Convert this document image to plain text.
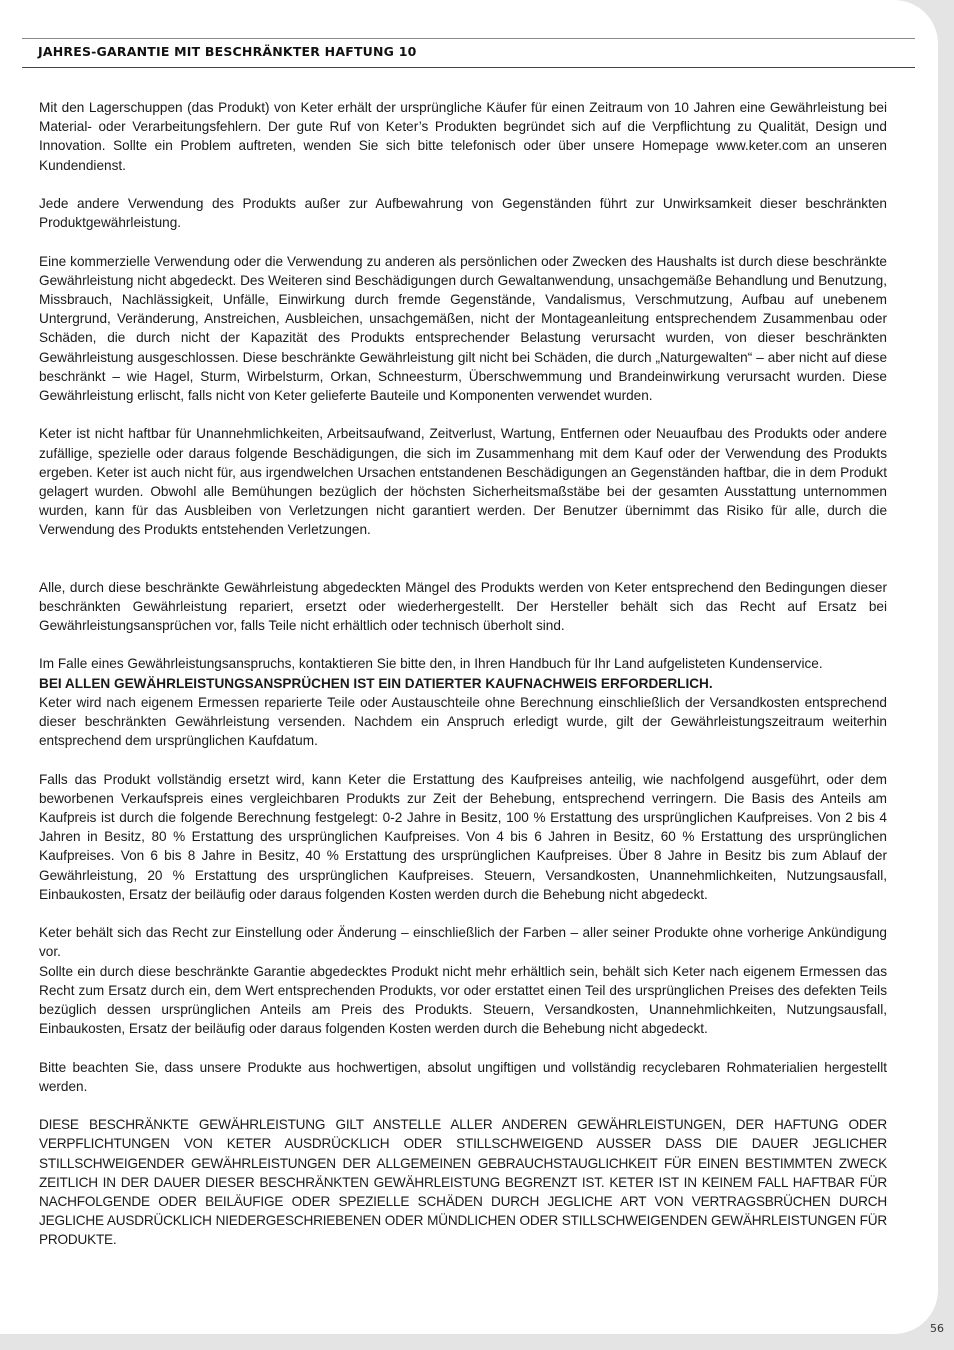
JAHRES-GARANTIE MIT BESCHRÄNKTER HAFTUNG 10

Mit den Lagerschuppen (das Produkt) von Keter erhält der ursprüngliche Käufer für einen Zeitraum von 10 Jahren eine Gewährleistung bei Material- oder Verarbeitungsfehlern. Der gute Ruf von Keter’s Produkten begründet sich auf die Verpflichtung zu Qualität, Design und Innovation. Sollte ein Problem auftreten, wenden Sie sich bitte telefonisch oder über unsere Homepage www.keter.com an unseren Kundendienst.

Jede andere Verwendung des Produkts außer zur Aufbewahrung von Gegenständen führt zur Unwirksamkeit dieser beschränkten Produktgewährleistung.

Eine kommerzielle Verwendung oder die Verwendung zu anderen als persönlichen oder Zwecken des Haushalts ist durch diese beschränkte Gewährleistung nicht abgedeckt. Des Weiteren sind Beschädigungen durch Gewaltanwendung, unsachgemäße Behandlung und Benutzung, Missbrauch, Nachlässigkeit, Unfälle, Einwirkung durch fremde Gegenstände, Vandalismus, Verschmutzung, Aufbau auf unebenem Untergrund, Veränderung, Anstreichen, Ausbleichen, unsachgemäßen, nicht der Montageanleitung entsprechendem Zusammenbau oder Schäden, die durch nicht der Kapazität des Produkts entsprechender Belastung verursacht wurden, von dieser beschränkten Gewährleistung ausgeschlossen. Diese beschränkte Gewährleistung gilt nicht bei Schäden, die durch „Naturgewalten“ – aber nicht auf diese beschränkt – wie Hagel, Sturm, Wirbelsturm, Orkan, Schneesturm, Überschwemmung und Brandeinwirkung verursacht wurden. Diese Gewährleistung erlischt, falls nicht von Keter gelieferte Bauteile und Komponenten verwendet wurden.

Keter ist nicht haftbar für Unannehmlichkeiten, Arbeitsaufwand, Zeitverlust, Wartung, Entfernen oder Neuaufbau des Produkts oder andere zufällige, spezielle oder daraus folgende Beschädigungen, die sich im Zusammenhang mit dem Kauf oder der Verwendung des Produkts ergeben. Keter ist auch nicht für, aus irgendwelchen Ursachen entstandenen Beschädigungen an Gegenständen haftbar, die in dem Produkt gelagert wurden. Obwohl alle Bemühungen bezüglich der höchsten Sicherheitsmaßstäbe bei der gesamten Ausstattung unternommen wurden, kann für das Ausbleiben von Verletzungen nicht garantiert werden. Der Benutzer übernimmt das Risiko für alle, durch die Verwendung des Produkts entstehenden Verletzungen.

Alle, durch diese beschränkte Gewährleistung abgedeckten Mängel des Produkts werden von Keter entsprechend den Bedingungen dieser beschränkten Gewährleistung repariert, ersetzt oder wiederhergestellt. Der Hersteller behält sich das Recht auf Ersatz bei Gewährleistungsansprüchen vor, falls Teile nicht erhältlich oder technisch überholt sind.

Im Falle eines Gewährleistungsanspruchs, kontaktieren Sie bitte den, in Ihren Handbuch für Ihr Land aufgelisteten Kundenservice.
BEI ALLEN GEWÄHRLEISTUNGSANSPRÜCHEN IST EIN DATIERTER KAUFNACHWEIS ERFORDERLICH.
Keter wird nach eigenem Ermessen reparierte Teile oder Austauschteile ohne Berechnung einschließlich der Versandkosten entsprechend dieser beschränkten Gewährleistung versenden. Nachdem ein Anspruch erledigt wurde, gilt der Gewährleistungszeitraum weiterhin entsprechend dem ursprünglichen Kaufdatum.

Falls das Produkt vollständig ersetzt wird, kann Keter die Erstattung des Kaufpreises anteilig, wie nachfolgend ausgeführt, oder dem beworbenen Verkaufspreis eines vergleichbaren Produkts zur Zeit der Behebung, entsprechend verringern. Die Basis des Anteils am Kaufpreis ist durch die folgende Berechnung festgelegt: 0-2 Jahre in Besitz, 100 % Erstattung des ursprünglichen Kaufpreises. Von 2 bis 4 Jahren in Besitz, 80 % Erstattung des ursprünglichen Kaufpreises. Von 4 bis 6 Jahren in Besitz, 60 % Erstattung des ursprünglichen Kaufpreises. Von 6 bis 8 Jahre in Besitz, 40 % Erstattung des ursprünglichen Kaufpreises. Über 8 Jahre in Besitz bis zum Ablauf der Gewährleistung, 20 % Erstattung des ursprünglichen Kaufpreises. Steuern, Versandkosten, Unannehmlichkeiten, Nutzungsausfall, Einbaukosten, Ersatz der beiläufig oder daraus folgenden Kosten werden durch die Behebung nicht abgedeckt.

Keter behält sich das Recht zur Einstellung oder Änderung – einschließlich der Farben – aller seiner Produkte ohne vorherige Ankündigung vor.
Sollte ein durch diese beschränkte Garantie abgedecktes Produkt nicht mehr erhältlich sein, behält sich Keter nach eigenem Ermessen das Recht zum Ersatz durch ein, dem Wert entsprechenden Produkts, vor oder erstattet einen Teil des ursprünglichen Preises des defekten Teils bezüglich dessen ursprünglichen Anteils am Preis des Produkts. Steuern, Versandkosten, Unannehmlichkeiten, Nutzungsausfall, Einbaukosten, Ersatz der beiläufig oder daraus folgenden Kosten werden durch die Behebung nicht abgedeckt.

Bitte beachten Sie, dass unsere Produkte aus hochwertigen, absolut ungiftigen und vollständig recyclebaren Rohmaterialien hergestellt werden.

DIESE BESCHRÄNKTE GEWÄHRLEISTUNG GILT ANSTELLE ALLER ANDEREN GEWÄHRLEISTUNGEN, DER HAFTUNG ODER VERPFLICHTUNGEN VON KETER AUSDRÜCKLICH ODER STILLSCHWEIGEND AUSSER DASS DIE DAUER JEGLICHER STILLSCHWEIGENDER GEWÄHRLEISTUNGEN DER ALLGEMEINEN GEBRAUCHSTAUGLICHKEIT FÜR EINEN BESTIMMTEN ZWECK ZEITLICH IN DER DAUER DIESER BESCHRÄNKTEN GEWÄHRLEISTUNG BEGRENZT IST. KETER IST IN KEINEM FALL HAFTBAR FÜR NACHFOLGENDE ODER BEILÄUFIGE ODER SPEZIELLE SCHÄDEN DURCH JEGLICHE ART VON VERTRAGSBRÜCHEN DURCH JEGLICHE AUSDRÜCKLICH NIEDERGESCHRIEBENEN ODER MÜNDLICHEN ODER STILLSCHWEIGENDEN GEWÄHRLEISTUNGEN FÜR PRODUKTE.

56
